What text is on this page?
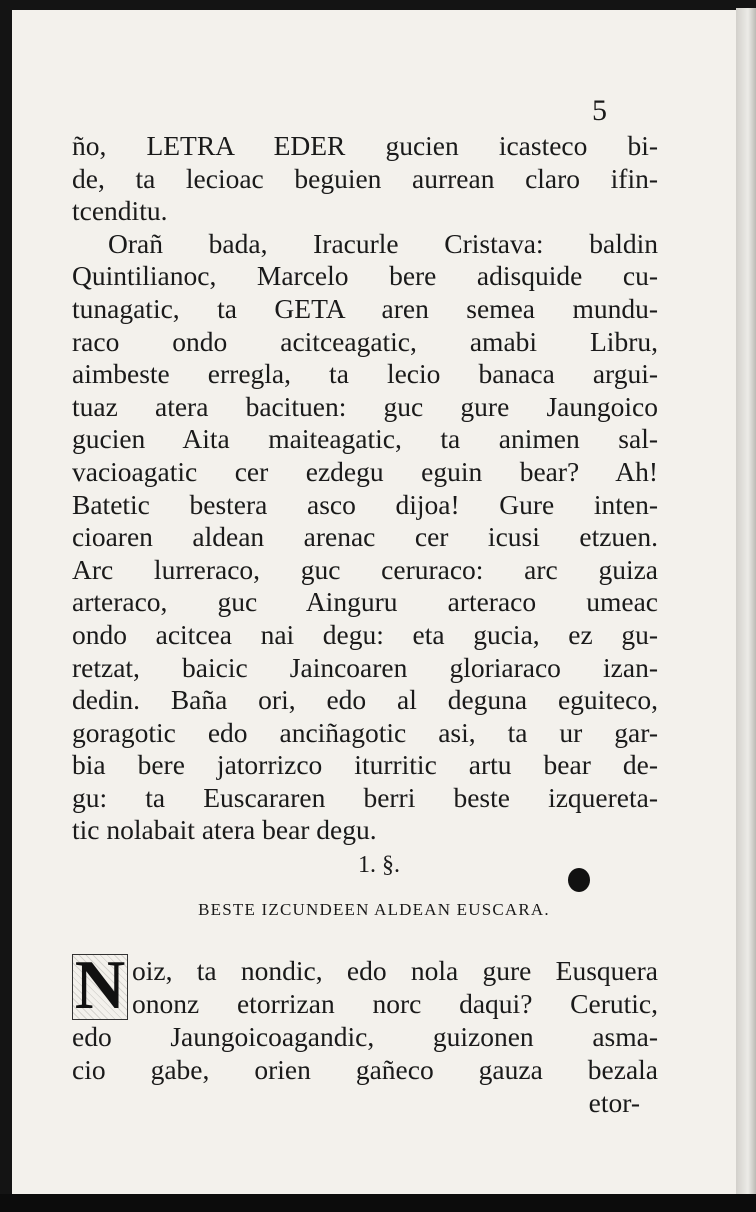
5
ño, LETRA EDER gucien icasteco bi-
de, ta lecioac beguien aurrean claro ifin-
tcenditu.
Orañ bada, Iracurle Cristava: baldin
Quintilianoc, Marcelo bere adisquide cu-
tunagatic, ta GETA aren semea mundu-
raco ondo acitceagatic, amabi Libru,
aimbeste erregla, ta lecio banaca argui-
tuaz atera bacituen: guc gure Jaungoico
gucien Aita maiteagatic, ta animen sal-
vacioagatic cer ezdegu eguin bear? Ah!
Batetic bestera asco dijoa! Gure inten-
cioaren aldean arenac cer icusi etzuen.
Arc lurreraco, guc ceruraco: arc guiza
arteraco, guc Ainguru arteraco umeac
ondo acitcea nai degu: eta gucia, ez gu-
retzat, baicic Jaincoaren gloriaraco izan-
dedin. Baña ori, edo al deguna eguiteco,
goragotic edo anciñagotic asi, ta ur gar-
bia bere jatorrizco iturritic artu bear de-
gu: ta Euscararen berri beste izquereta-
tic nolabait atera bear degu.
1. §.
BESTE IZCUNDEEN ALDEAN EUSCARA.
N oiz, ta nondic, edo nola gure Eusquera
ononz etorrizan norc daqui? Cerutic,
edo Jaungoicoagandic, guizonen asma-
cio gabe, orien gañeco gauza bezala
etor-
